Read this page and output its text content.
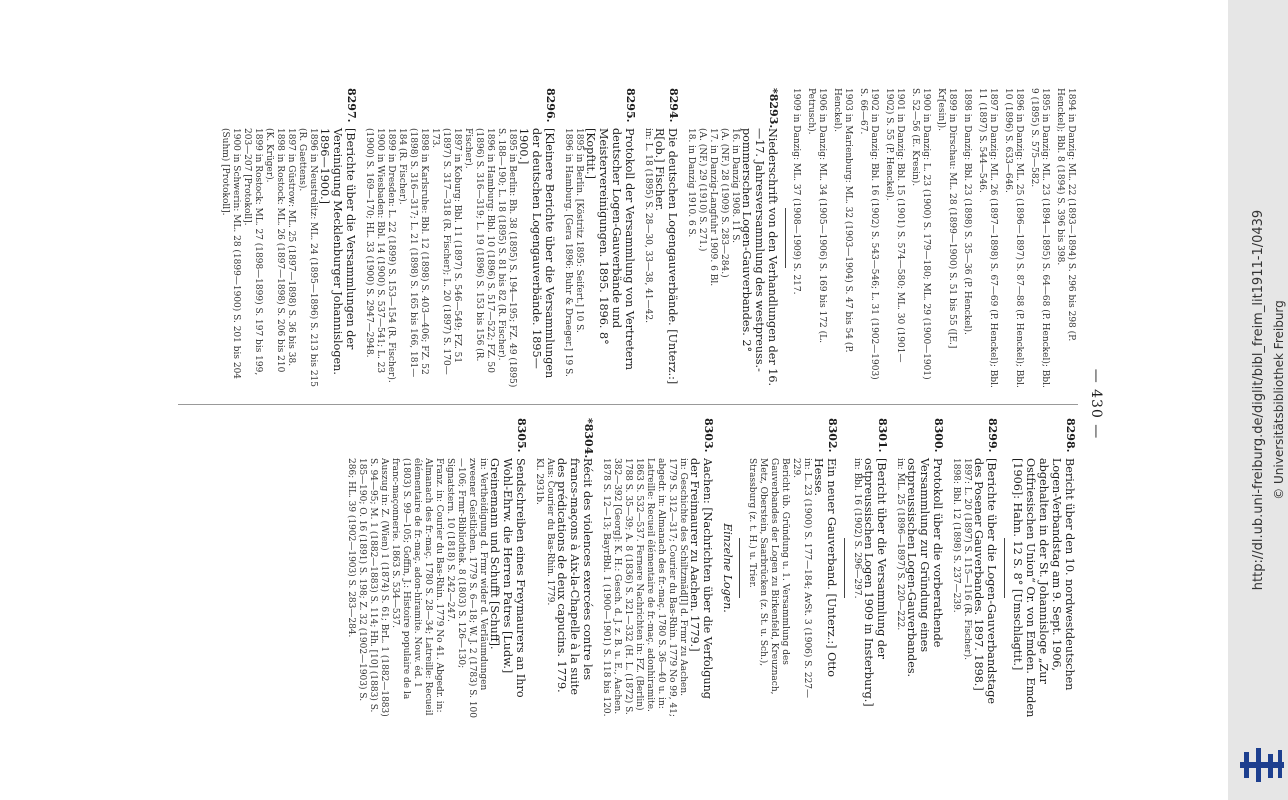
— 430 —
1894 in Danzig: ML. 22 (1893—1894) S. 296 bis 298 (P. Henckel); Bbl. 8 (1894) S. 396 bis 398.
1895 in Danzig: ML. 23 (1894—1895) S. 64—68 (P. Henckel); Bbl. 9 (1895) S. 575—582.
1896 in Danzig: ML. 25 (1896—1897) S. 87—88 (P. Henckel); Bbl. 10 (1896) S. 633—646.
1897 in Danzig: ML. 26 (1897—1898) S. 67—69 (P. Henckel); Bbl. 11 (1897) S. 544—546.
1898 in Danzig: Bbl. 23 (1898) S. 35—36 (P. Henckel).
1899 in Dirschau: ML. 28 (1899—1900) S. 51 bis 55 ([E.] Kr[esin]).
1900 in Danzig: L. 23 (1900) S. 179—180; ML. 29 (1900—1901) S. 52—56 (E. Kresin).
1901 in Danzig: Bbl. 15 (1901) S. 574—580; ML. 30 (1901—1902) S. 55 (P. Henckel).
1902 in Danzig: Bbl. 16 (1902) S. 543—546; L. 31 (1902—1903) S. 66—67.
1903 in Marienburg: ML. 32 (1903—1904) S. 47 bis 54 (P. Henckel).
1906 in Danzig: ML. 34 (1905—1906) S. 169 bis 172 (L. Petrusch).
1909 in Danzig: ML. 37 (1908—1909) S. 217.
*8293.
Niederschrift von den Verhandlungen der 16.—17. Jahresversammlung des westpreuss.-pommerschen Logen-Gauverbandes. 2°
16. in Danzig 1908. 11 S.
(A. (NF.) 28 (1909) S. 283—284.)
17. in Danzig-Langfuhr 1909. 6 Bl.
(A. (NF.) 29 (1910) S. 271.)
18. in Danzig 1910. 6 S.
8294.
Die deutschen Logengauverbände. [Unterz.:] R[ob.] Fischer.
in: L. 18 (1895) S. 28—30, 33—38, 41—42.
8295.
Protokoll der Versammlung von Vertretern deutscher Logen-Gauverbände und Meistervereinigungen. 1895. 1896. 8° [Kopftit.]
1895 in Berlin. [Köstritz 1895: Seifert.] 10 S.
1896 in Hamburg. [Gera 1896: Buhr & Draeger.] 19 S.
8296.
[Kleinere Berichte über die Versammlungen der deutschen Logengauverbände. 1895—1900.]
1895 in Berlin: Bh. 38 (1895) S. 194—195; FZ. 49 (1895) S. 188—190; L. 18 (1895) S. 81 bis 82 (R. Fischer).
1896 in Hamburg: Bbl. 10 (1896) S. 517—522; FZ. 50 (1896) S. 316—319; L. 19 (1896) S. 153 bis 156 (R. Fischer).
1897 in Koburg: Bbl. 11 (1897) S. 546—549; FZ. 51 (1897) S. 317—318 (R. Fischer); L. 20 (1897) S. 170—173.
1898 in Karlsruhe: Bbl. 12 (1898) S. 403—406; FZ. 52 (1898) S. 316—317; L. 21 (1898) S. 165 bis 166, 181—184 (R. Fischer).
1899 in Dresden: L. 22 (1899) S. 153—154 (R. Fischer).
1900 in Wiesbaden: Bbl. 14 (1900) S. 537—541; L. 23 (1900) S. 169—170; HL. 33 (1900) S. 2947—2948.
8297.
[Berichte über die Versammlungen der Vereinigung Mecklenburger Johannislogen. 1896—1900.]
1896 in Neustrelitz: ML. 24 (1895—1896) S. 213 bis 215 (R. Gaettens).
1897 in Güstrow: ML. 25 (1897—1898) S. 36 bis 38.
1898 in Rostock: ML. 26 (1897—1898) S. 206 bis 210 (K. Krüger).
1899 in Rostock: ML. 27 (1898—1899) S. 197 bis 199, 203—207 [Protokoll].
1900 in Schwerin: ML. 28 (1899—1900) S. 201 bis 204 (Suhm) [Protokoll].
8298.
Bericht über den 10. nordwestdeutschen Logen-Verbandstag am 9. Sept. 1906, abgehalten in der St. Johannisloge „Zur Ostfriesischen Union“ Or. von Emden. Emden [1906]: Hahn. 12 S. 8° [Umschlagtit.]
8299.
[Berichte über die Logen-Gauverbandstage des Posener Gauverbandes. 1897. 1898.]
1897: L. 20 (1897) S. 115—116 (R. Fischer).
1898: Bbl. 12 (1898) S. 237—239.
8300.
Protokoll über die vorberathende Versammlung zur Gründung eines ostpreussischen Logen-Gauverbandes.
in: ML. 25 (1896—1897) S. 220—222.
8301.
[Bericht über die Versammlung der ostpreussischen Logen 1909 in Insterburg.]
in: Bbl. 16 (1902) S. 296—297.
8302.
Ein neuer Gauverband. [Unterz.:] Otto Hesse.
in: L. 23 (1900) S. 177—184; AvSt. 3 (1906) S. 227—229.
Bericht üb. Gründung u. 1. Versammlung des Gauverbandes der Logen zu Birkenfeld, Kreuznach, Metz, Oberstein, Saarbrücken (z. St. u. Sch.), Strassburg (z. t. H.) u. Trier.
Einzelne Logen.
8303.
Aachen: [Nachrichten über die Verfolgung der Freimaurer zu Aachen. 1779.]
in: Geschichte des Schiltzmäd[l] d. Frmr zu Aachen. 1779 S. 312—317; Courier du Bas-Rhin. 1779 No 99, 41; abgedr. in: Almanach des fr.-maç. 1780 S. 36—40 u. in: Latreille: Recueil élémentaire de fr.-maç. adonhiramite. 1863 S. 532—537. Fernere Nachrichten in: FZ. (Berlin) 1788 S. 35—39; A. 8 (1836) S. 321—332 (H. L. (1872) S. 382—392 [Georg]: K. H.: Gesch. d. J. z. B. u. E., Aachen. 1878 S. 12—13; BayrBbl. 1 (1900—1901) S. 118 bis 120.
*8304.
Récit des violences exercées contre les francs-maçons à Aix-la-Chapelle à la suite des prédications de deux capucins. 1779.
Aus: Courier du Bas-Rhin. 1779.
Kl. 2931b.
8305.
Sendschreiben eines Freymaurers an Ihro Wohl-Ehrw. die Herren Patres [Ludw.] Greinemann und Schufft [Schuff].
in: Vertheidigung d. Frmr wider d. Verläumdungen zweener Geistlichen. 1779 S. 6—18; W. J. 2 (1783) S. 100—106; Frmr-Bibliothek. 8 (1803) S. 126—130; Signatstern. 10 (1818) S. 242—247.
Franz. in: Courier du Bas-Rhin. 1779 No 41. Abgedr. in: Almanach des fr.-maç. 1780 S. 28—34; Latreille: Recueil élémentaire de fr.-maç. adon-hiramite. Nouv. éd. 1 (1803) S. 99—105; Goffin, J.: Histoire populaire de la franc-maçonnerie. 1863 S. 534—537.
Auszug in: Z. (Wien) 1 (1874) S. 61; BrL. 1 (1882—1883) S. 94—95; M. 1 (1882—1883) S. 114; Hh. [10] (1883) S. 185—190; O. 16 (1891) S. 198; Z. 32 (1902—1903) S. 286; HL. 39 (1902—1903) S. 283—284.	http://dl.ub.uni-freiburg.de/diglit/bibl_freim_lit1911-1/0439 © Universitätsbibliothek Freiburg
